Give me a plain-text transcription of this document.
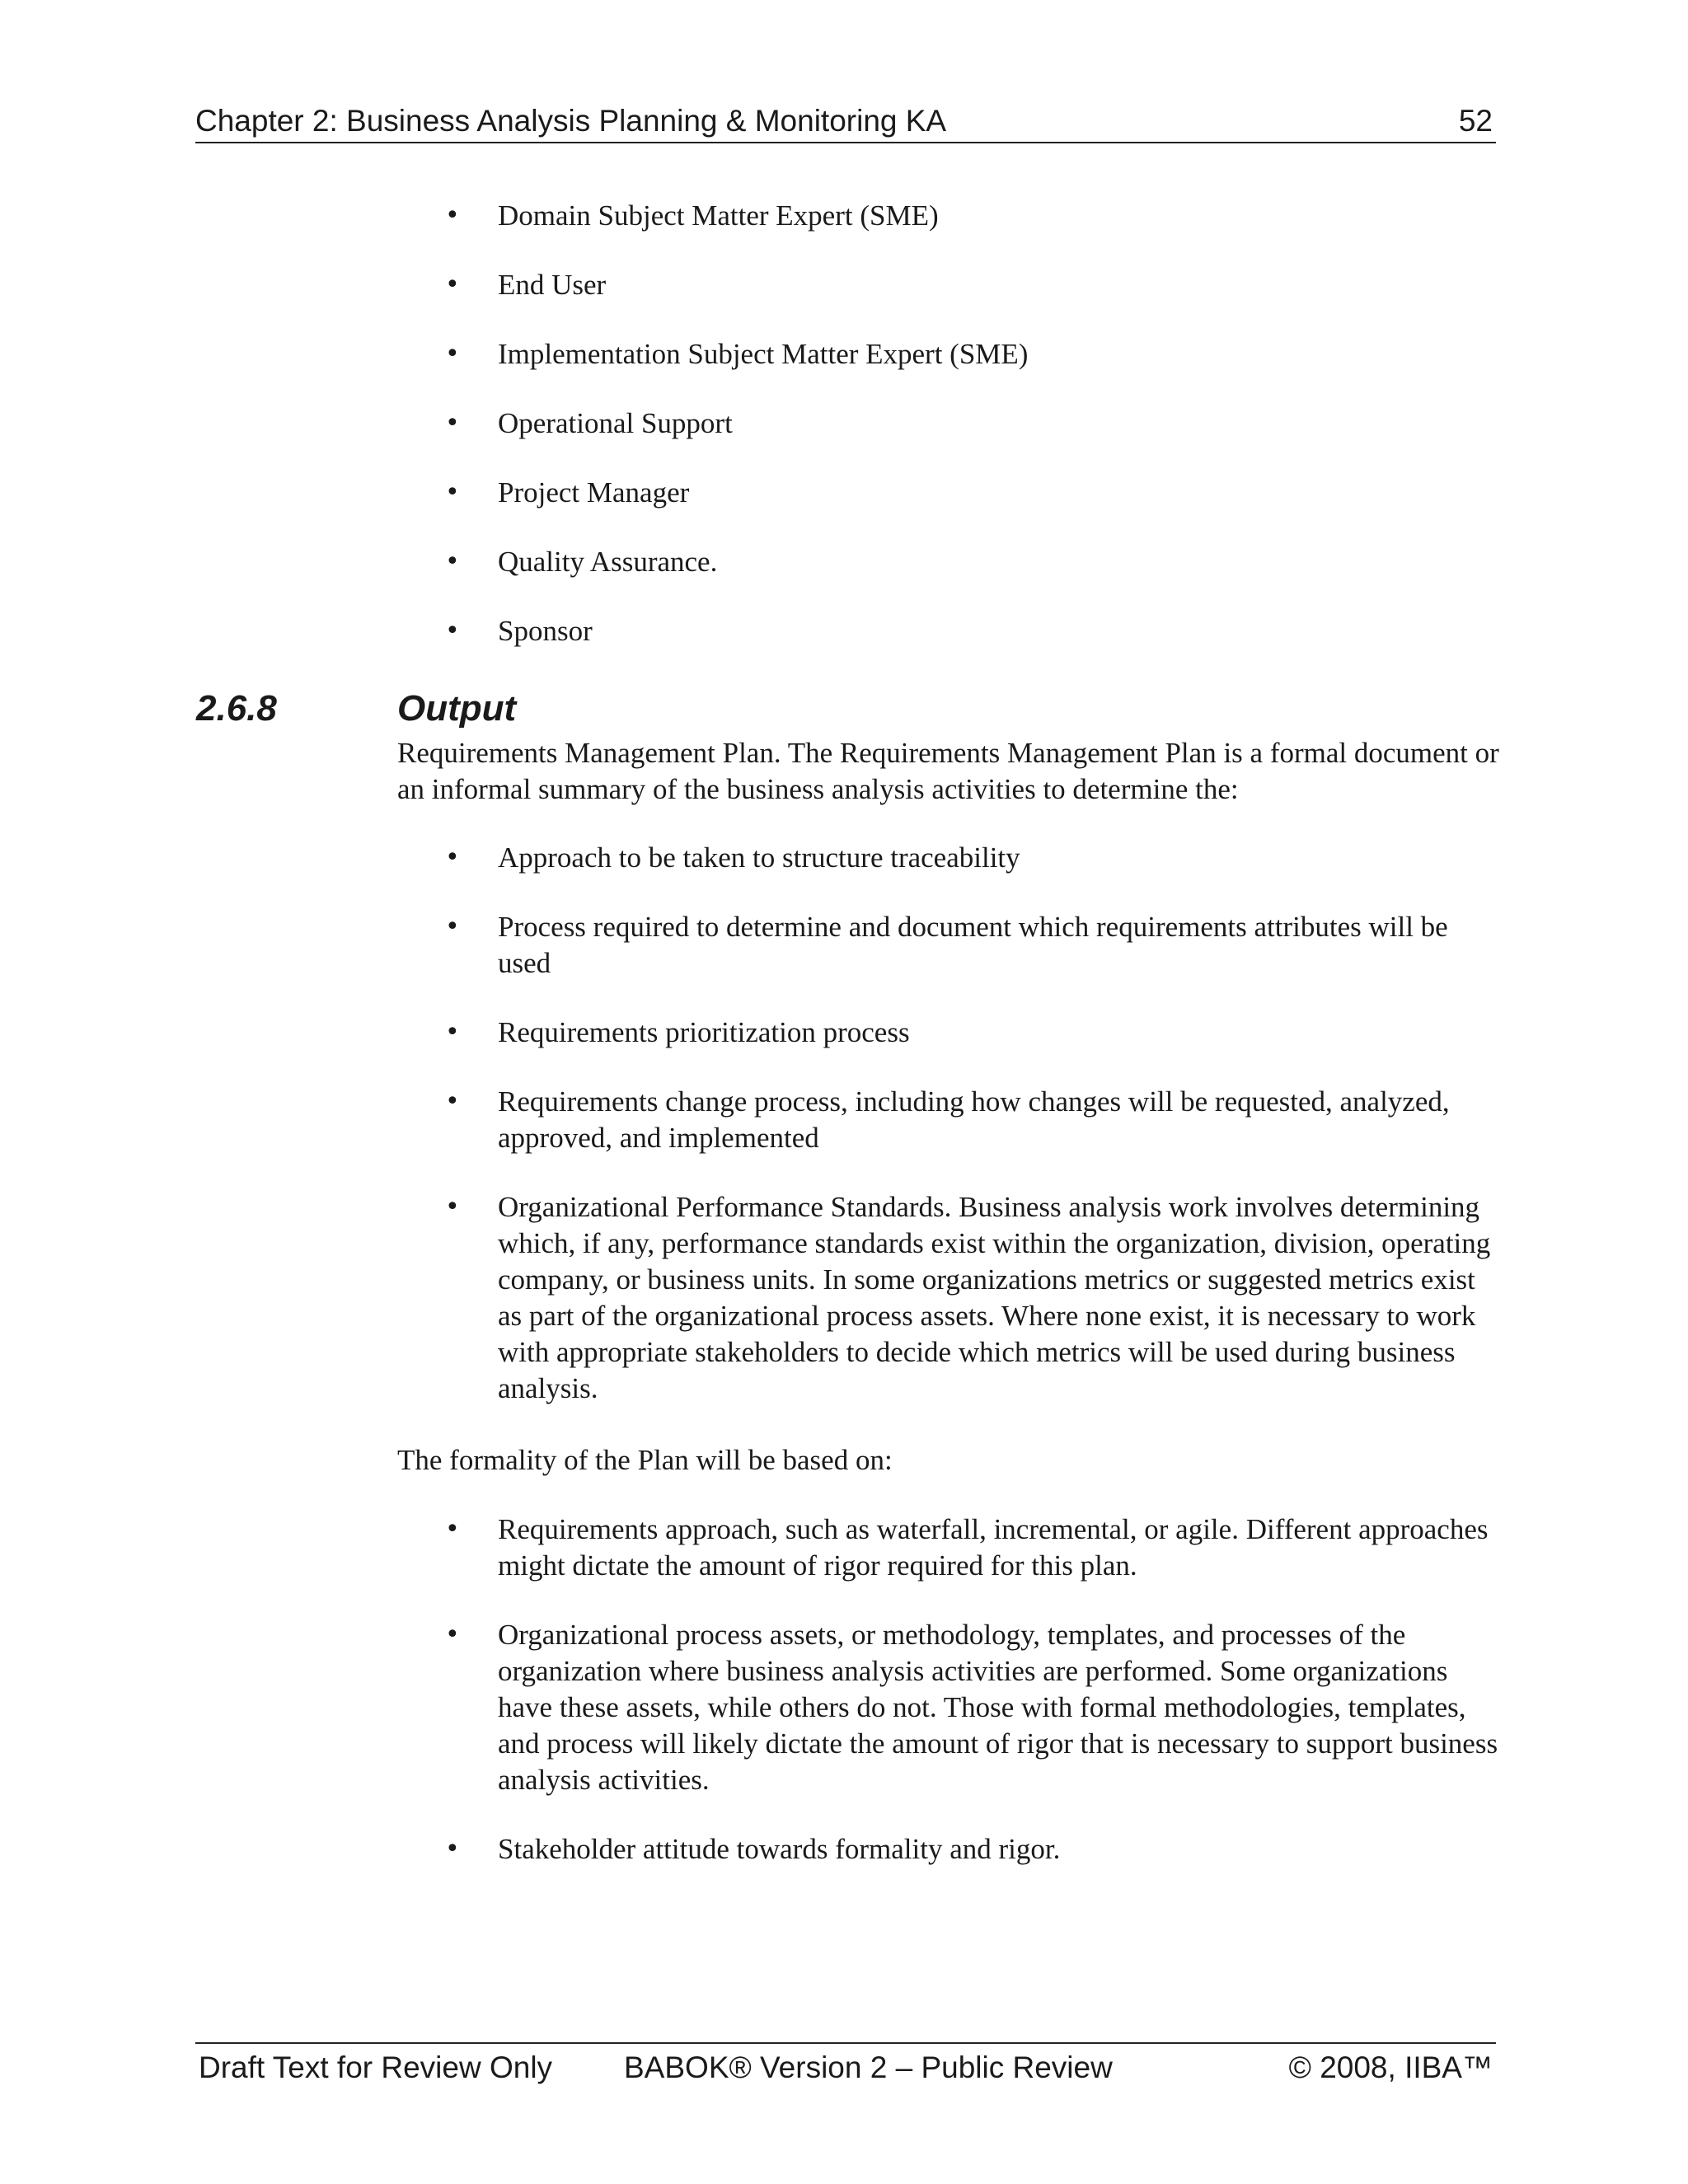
Chapter 2: Business Analysis Planning & Monitoring KA	52
• Domain Subject Matter Expert (SME)
• End User
• Implementation Subject Matter Expert (SME)
• Operational Support
• Project Manager
• Quality Assurance.
• Sponsor
2.6.8	Output

Requirements Management Plan. The Requirements Management Plan is a formal document or an informal summary of the business analysis activities to determine the:

• Approach to be taken to structure traceability
• Process required to determine and document which requirements attributes will be used
• Requirements prioritization process
• Requirements change process, including how changes will be requested, analyzed, approved, and implemented
• Organizational Performance Standards. Business analysis work involves determining which, if any, performance standards exist within the organization, division, operating company, or business units. In some organizations metrics or suggested metrics exist as part of the organizational process assets. Where none exist, it is necessary to work with appropriate stakeholders to decide which metrics will be used during business analysis.

The formality of the Plan will be based on:

• Requirements approach, such as waterfall, incremental, or agile. Different approaches might dictate the amount of rigor required for this plan.
• Organizational process assets, or methodology, templates, and processes of the organization where business analysis activities are performed. Some organizations have these assets, while others do not. Those with formal methodologies, templates, and process will likely dictate the amount of rigor that is necessary to support business analysis activities.
• Stakeholder attitude towards formality and rigor.
Draft Text for Review Only BABOK® Version 2 – Public Review	© 2008, IIBA™
